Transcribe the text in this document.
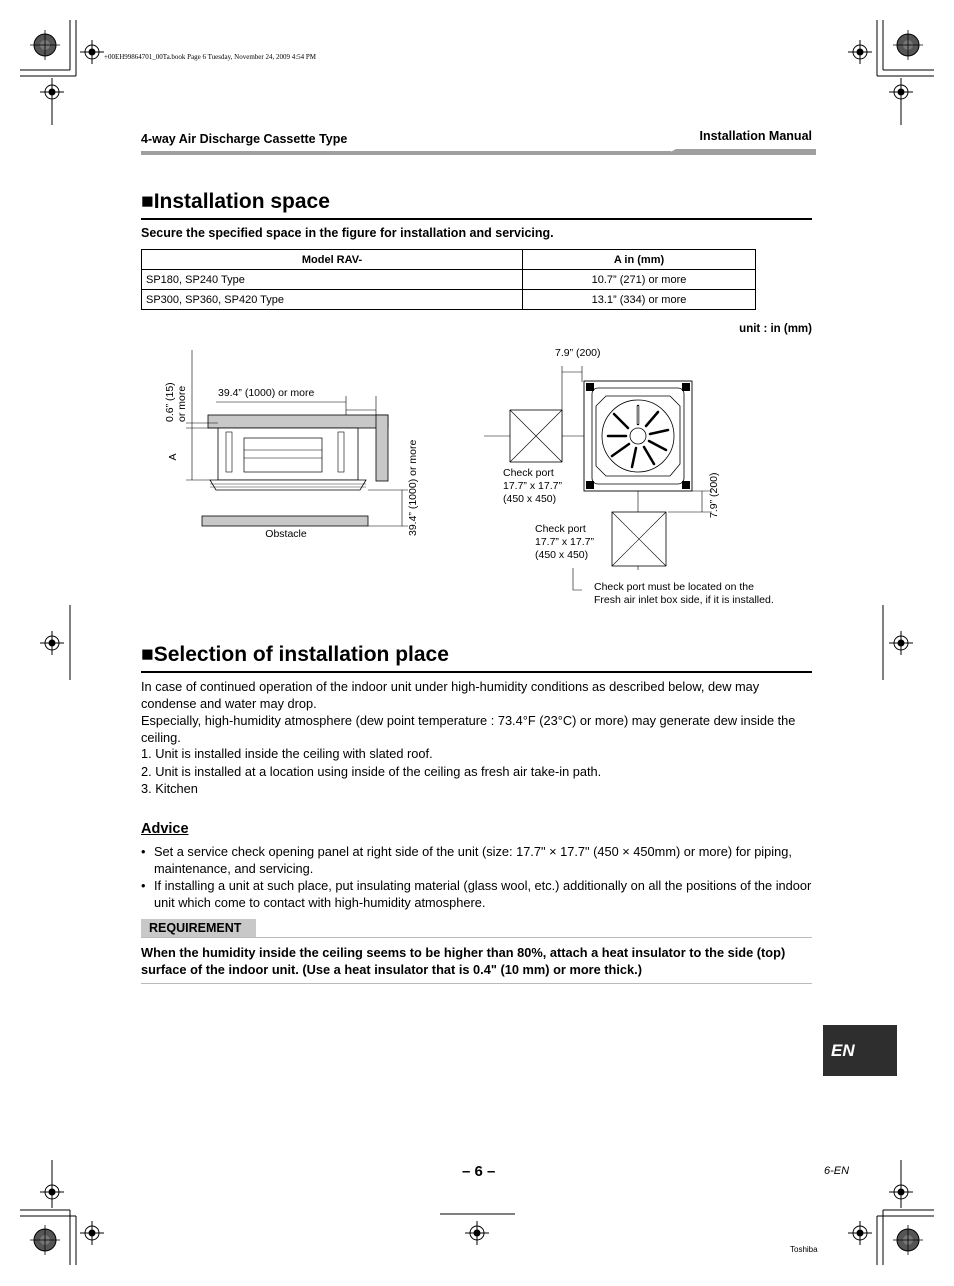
+00EH99864701_00Ta.book Page 6 Tuesday, November 24, 2009 4:54 PM
4-way Air Discharge Cassette Type	Installation Manual
■Installation space
Secure the specified space in the figure for installation and servicing.
Model RAV-	A in (mm)
SP180, SP240 Type	10.7” (271) or more
SP300, SP360, SP420 Type	13.1” (334) or more
unit : in (mm)
0.6” (15) or more
A
39.4” (1000) or more
39.4” (1000) or more
Obstacle
7.9” (200)
7.9” (200)
Check port
17.7” x 17.7”
(450 x 450)
Check port
17.7” x 17.7”
(450 x 450)
Check port must be located on the
Fresh air inlet box side, if it is installed.
■Selection of installation place
In case of continued operation of the indoor unit under high-humidity conditions as described below, dew may condense and water may drop.
Especially, high-humidity atmosphere (dew point temperature : 73.4°F (23°C) or more) may generate dew inside the ceiling.
1. Unit is installed inside the ceiling with slated roof.
2. Unit is installed at a location using inside of the ceiling as fresh air take-in path.
3. Kitchen
Advice
• Set a service check opening panel at right side of the unit (size: 17.7" × 17.7" (450 × 450mm) or more) for piping, maintenance, and servicing.
• If installing a unit at such place, put insulating material (glass wool, etc.) additionally on all the positions of the indoor unit which come to contact with high-humidity atmosphere.
REQUIREMENT
When the humidity inside the ceiling seems to be higher than 80%, attach a heat insulator to the side (top) surface of the indoor unit. (Use a heat insulator that is 0.4" (10 mm) or more thick.)
EN
– 6 –	6-EN
Toshiba
